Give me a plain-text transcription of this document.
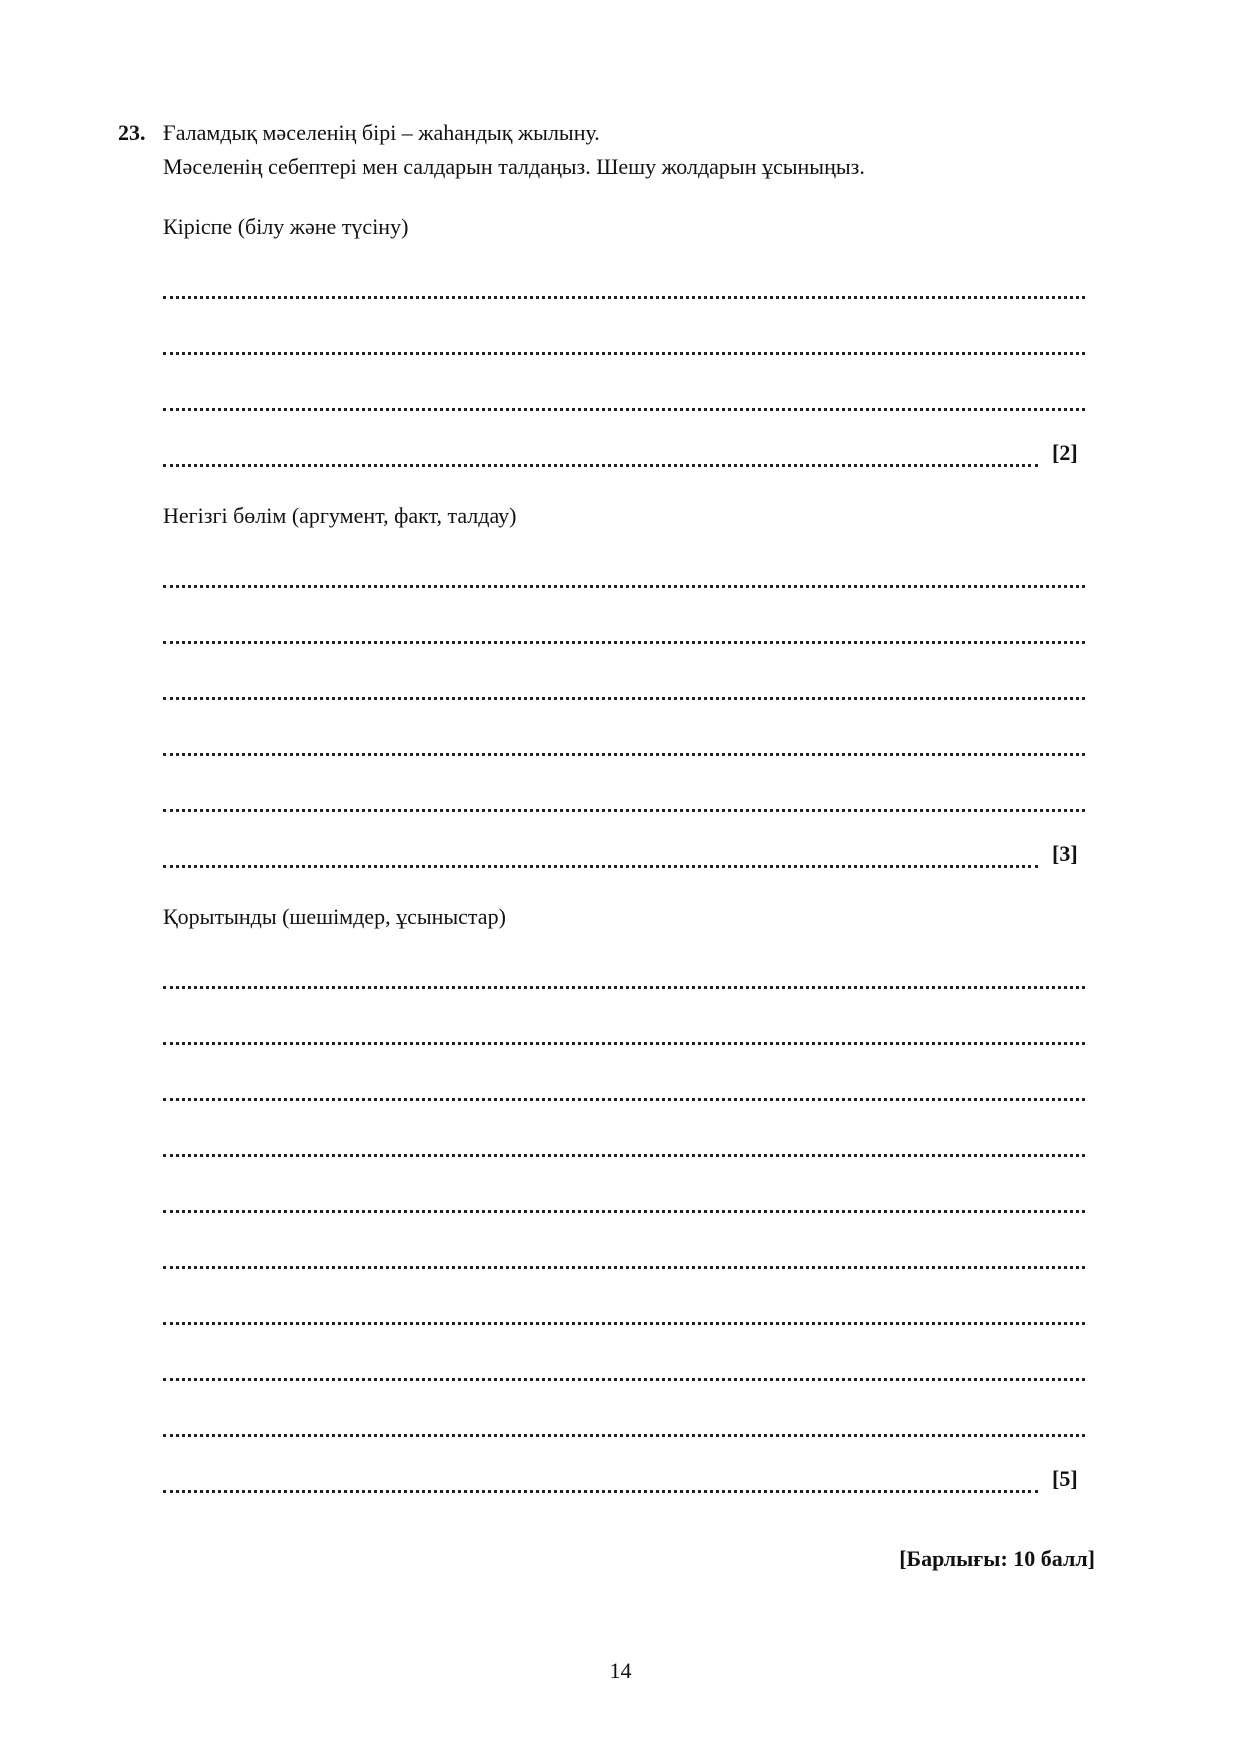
23. Ғаламдық мәселенің бірі – жаһандық жылыну.
Мәселенің себептері мен салдарын талдаңыз. Шешу жолдарын ұсыныңыз.
Кіріспе (білу және түсіну)
[2]
Негізгі бөлім (аргумент, факт, талдау)
[3]
Қорытынды (шешімдер, ұсыныстар)
[5]
[Барлығы: 10 балл]
14
